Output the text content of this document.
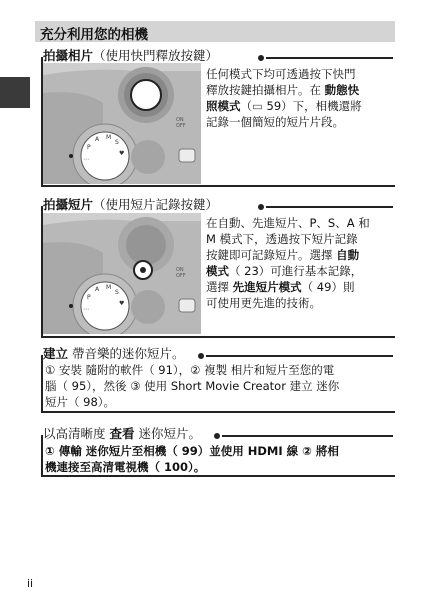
充分利用您的相機
拍攝相片（使用快門釋放按鍵）
A M
S
P
♥
⋯
ON
OFF
任何模式下均可透過按下快門
釋放按鍵拍攝相片。在 動態快
照模式（▭ 59）下，相機還將
記錄一個簡短的短片片段。
拍攝短片（使用短片記錄按鍵）
A M
S
P
♥
⋯
ON
OFF
在自動、先進短片、P、S、A 和
M 模式下，透過按下短片記錄
按鍵即可記錄短片。選擇 自動
模式（ 23）可進行基本記錄，
選擇 先進短片模式（ 49）則
可使用更先進的技術。
建立 帶音樂的迷你短片。
① 安裝 隨附的軟件（ 91），② 複製 相片和短片至您的電
腦（ 95），然後 ③ 使用 Short Movie Creator 建立 迷你
短片（ 98）。
以高清晰度 查看 迷你短片。
① 傳輸 迷你短片至相機（ 99）並使用 HDMI 線 ② 將相
機連接至高清電視機（ 100）。
ii
